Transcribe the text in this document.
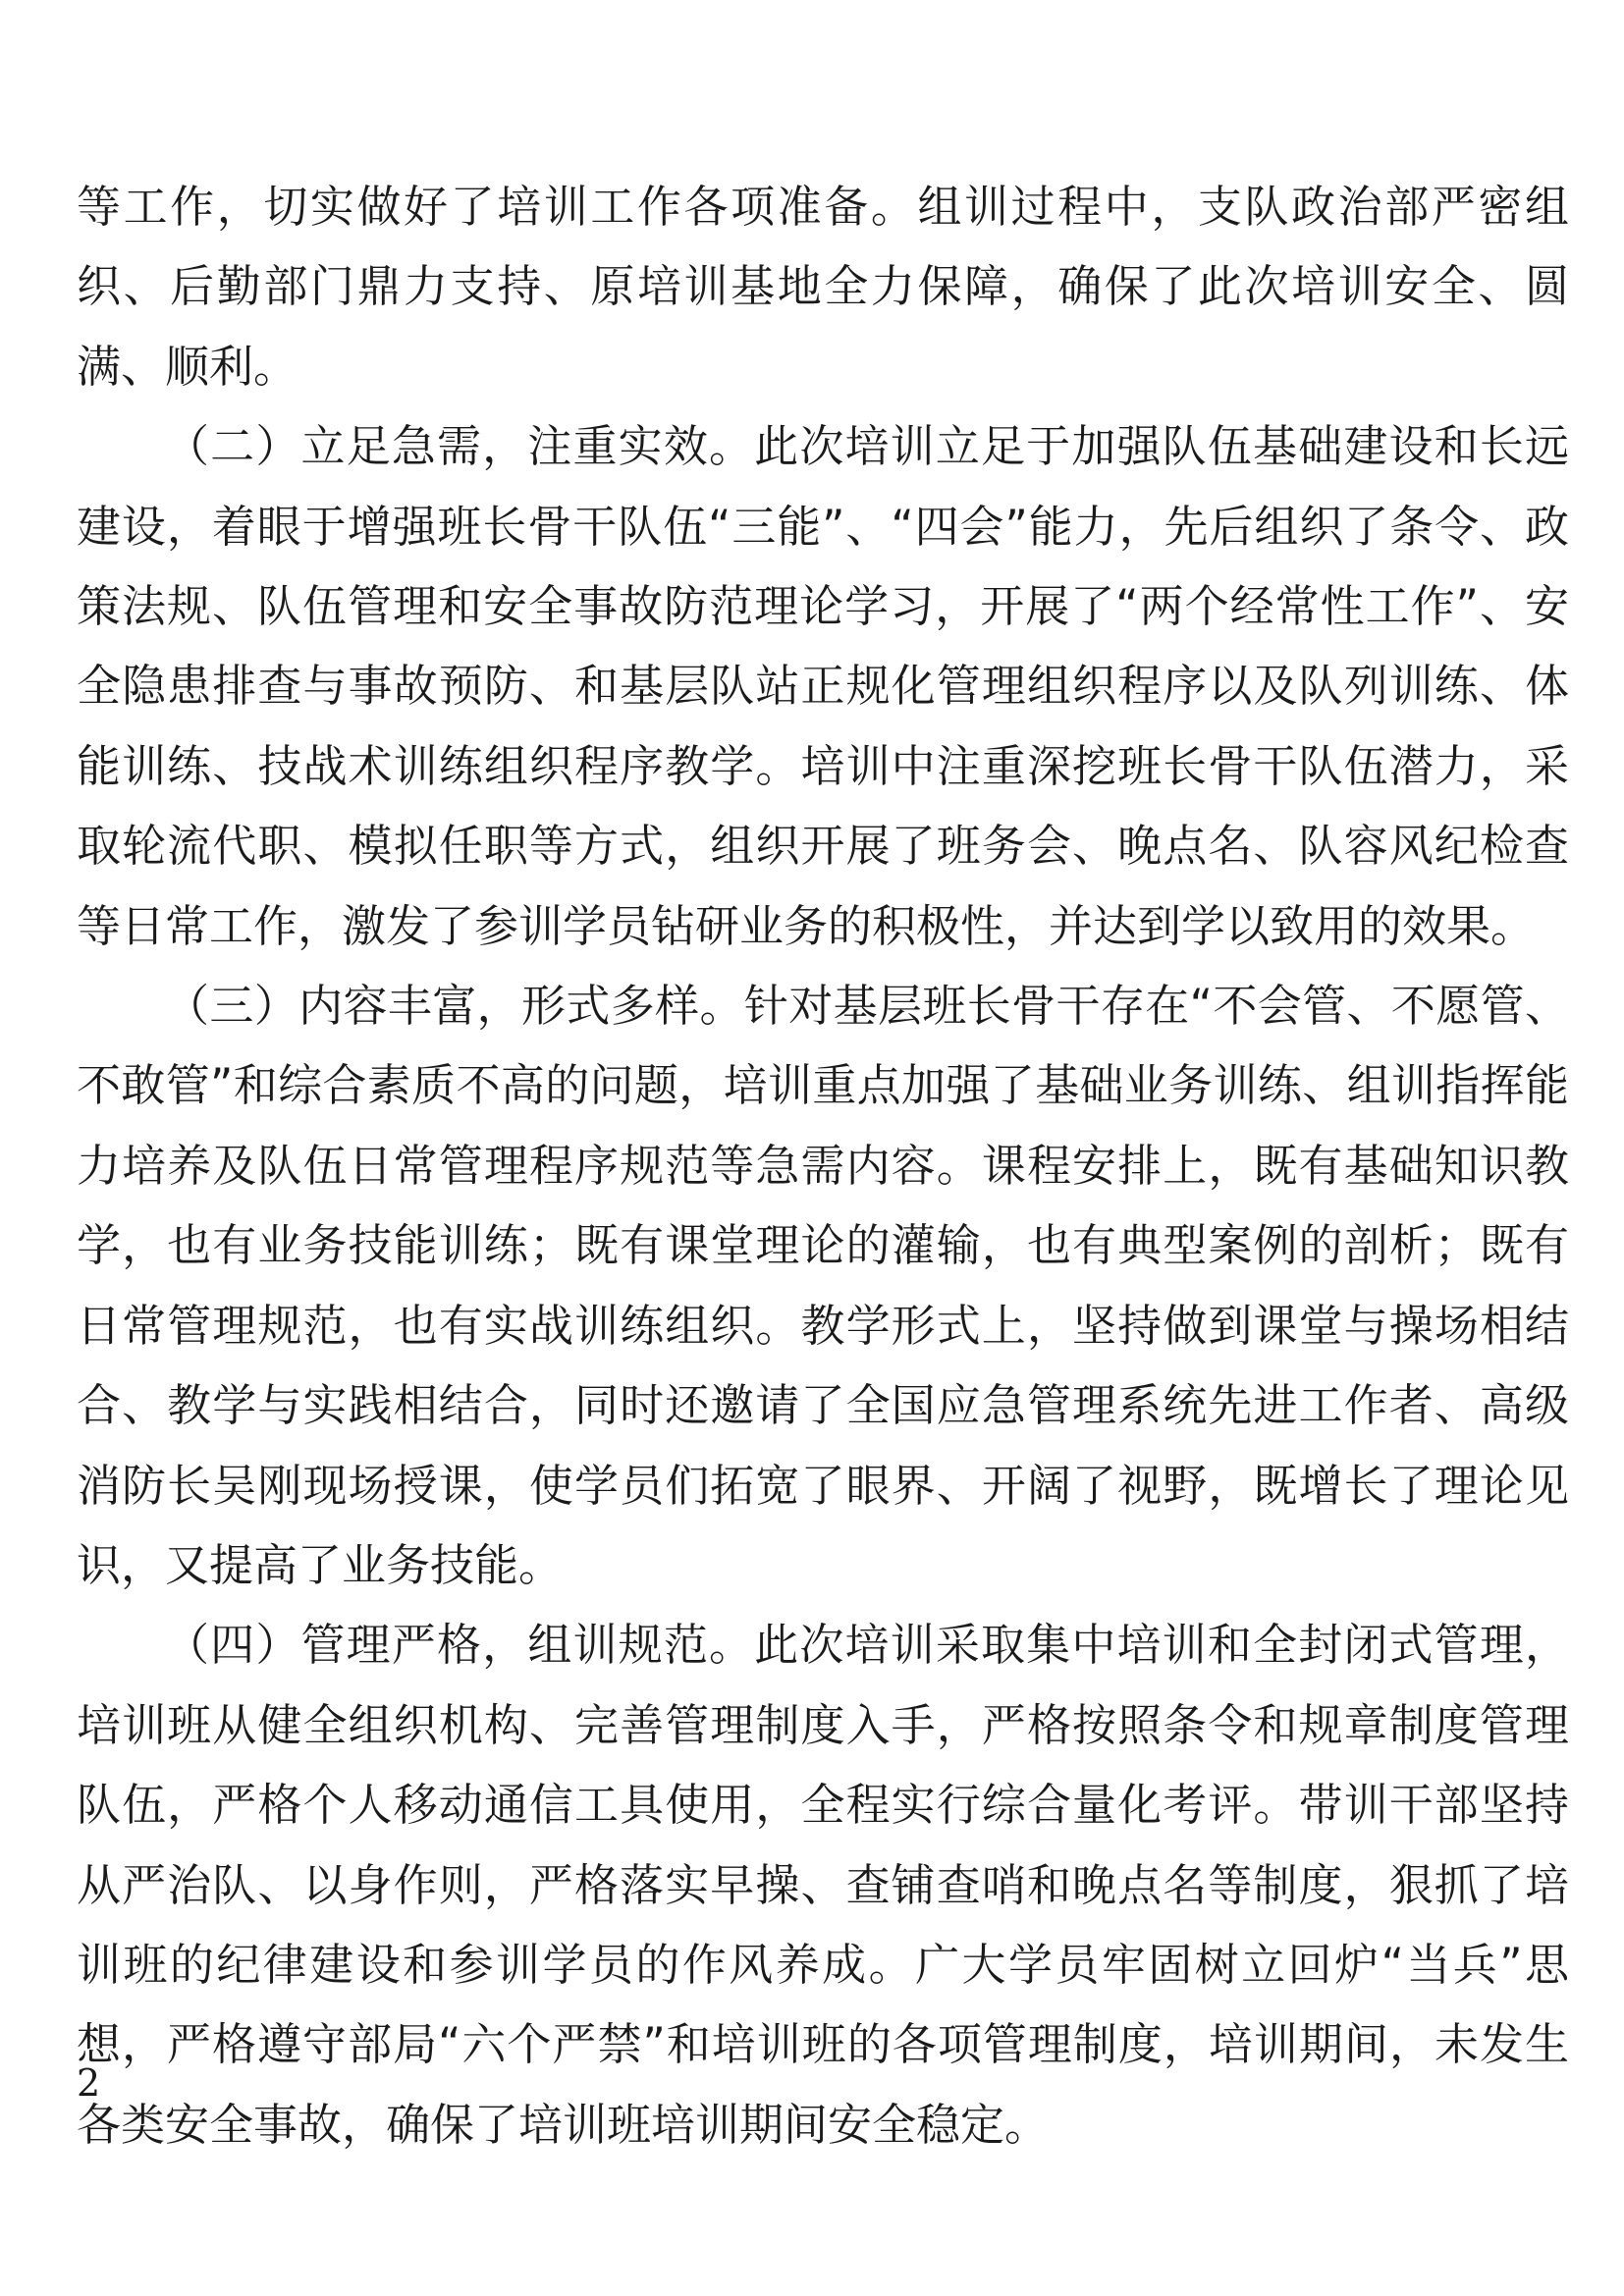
等工作，切实做好了培训工作各项准备。组训过程中，支队政治部严密组织、后勤部门鼎力支持、原培训基地全力保障，确保了此次培训安全、圆满、顺利。

（二）立足急需，注重实效。此次培训立足于加强队伍基础建设和长远建设，着眼于增强班长骨干队伍“三能”、“四会”能力，先后组织了条令、政策法规、队伍管理和安全事故防范理论学习，开展了“两个经常性工作”、安全隐患排查与事故预防、和基层队站正规化管理组织程序以及队列训练、体能训练、技战术训练组织程序教学。培训中注重深挖班长骨干队伍潜力，采取轮流代职、模拟任职等方式，组织开展了班务会、晚点名、队容风纪检查等日常工作，激发了参训学员钻研业务的积极性，并达到学以致用的效果。

（三）内容丰富，形式多样。针对基层班长骨干存在“不会管、不愿管、不敢管”和综合素质不高的问题，培训重点加强了基础业务训练、组训指挥能力培养及队伍日常管理程序规范等急需内容。课程安排上，既有基础知识教学，也有业务技能训练；既有课堂理论的灌输，也有典型案例的剖析；既有日常管理规范，也有实战训练组织。教学形式上，坚持做到课堂与操场相结合、教学与实践相结合，同时还邀请了全国应急管理系统先进工作者、高级消防长吴刚现场授课，使学员们拓宽了眼界、开阔了视野，既增长了理论见识，又提高了业务技能。

（四）管理严格，组训规范。此次培训采取集中培训和全封闭式管理，培训班从健全组织机构、完善管理制度入手，严格按照条令和规章制度管理队伍，严格个人移动通信工具使用，全程实行综合量化考评。带训干部坚持从严治队、以身作则，严格落实早操、查铺查哨和晚点名等制度，狠抓了培训班的纪律建设和参训学员的作风养成。广大学员牢固树立回炉“当兵”思想，严格遵守部局“六个严禁”和培训班的各项管理制度，培训期间，未发生各类安全事故，确保了培训班培训期间安全稳定。

2
